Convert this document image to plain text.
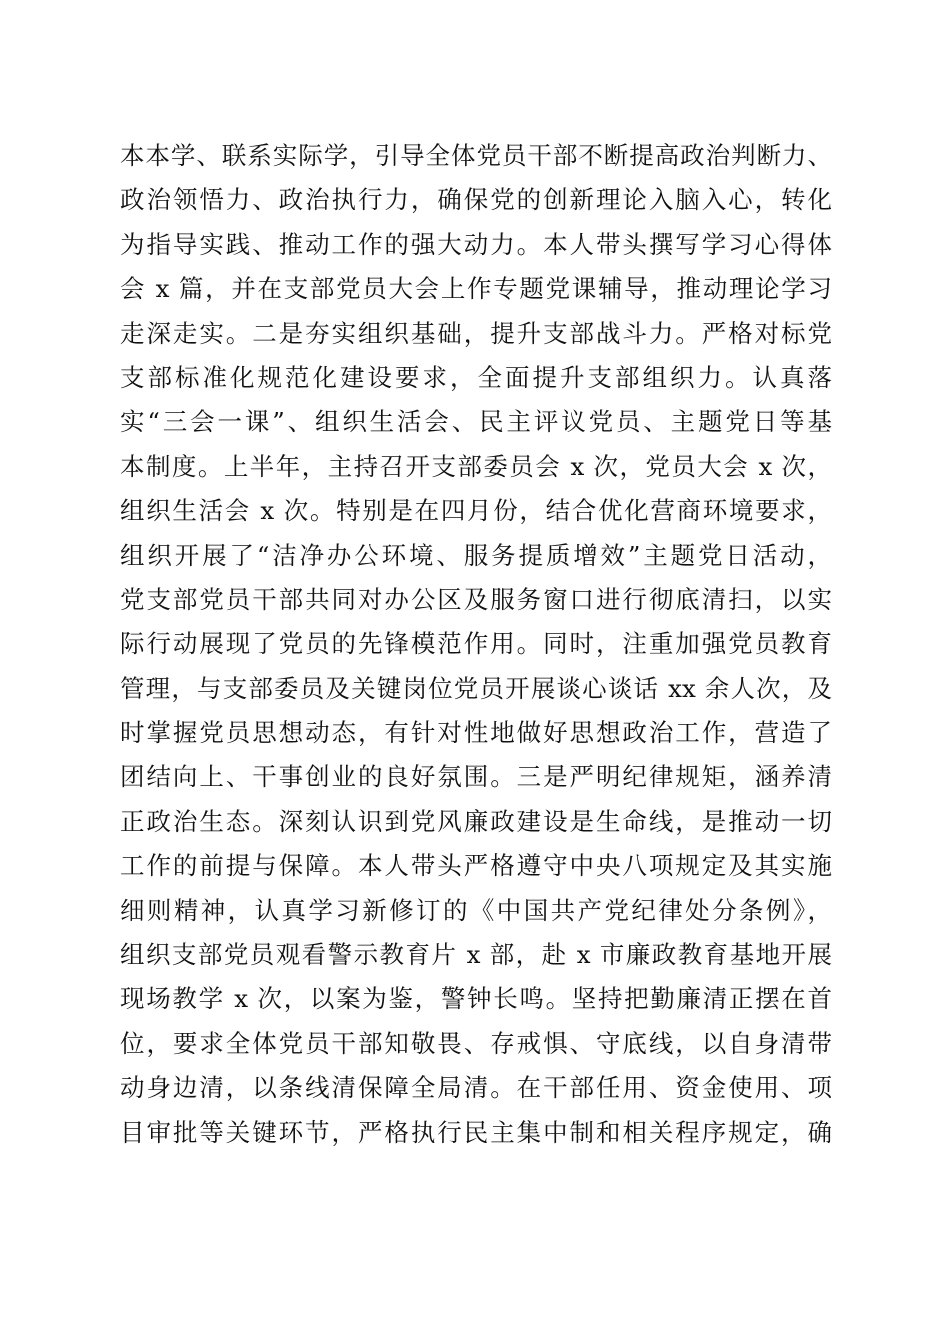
本本学、联系实际学，引导全体党员干部不断提高政治判断力、
政治领悟力、政治执行力，确保党的创新理论入脑入心，转化
为指导实践、推动工作的强大动力。本人带头撰写学习心得体
会 x 篇，并在支部党员大会上作专题党课辅导，推动理论学习
走深走实。二是夯实组织基础，提升支部战斗力。严格对标党
支部标准化规范化建设要求，全面提升支部组织力。认真落
实“三会一课”、组织生活会、民主评议党员、主题党日等基
本制度。上半年，主持召开支部委员会 x 次，党员大会 x 次，
组织生活会 x 次。特别是在四月份，结合优化营商环境要求，
组织开展了“洁净办公环境、服务提质增效”主题党日活动，
党支部党员干部共同对办公区及服务窗口进行彻底清扫，以实
际行动展现了党员的先锋模范作用。同时，注重加强党员教育
管理，与支部委员及关键岗位党员开展谈心谈话 xx 余人次，及
时掌握党员思想动态，有针对性地做好思想政治工作，营造了
团结向上、干事创业的良好氛围。三是严明纪律规矩，涵养清
正政治生态。深刻认识到党风廉政建设是生命线，是推动一切
工作的前提与保障。本人带头严格遵守中央八项规定及其实施
细则精神，认真学习新修订的《中国共产党纪律处分条例》，
组织支部党员观看警示教育片 x 部，赴 x 市廉政教育基地开展
现场教学 x 次，以案为鉴，警钟长鸣。坚持把勤廉清正摆在首
位，要求全体党员干部知敬畏、存戒惧、守底线，以自身清带
动身边清，以条线清保障全局清。在干部任用、资金使用、项
目审批等关键环节，严格执行民主集中制和相关程序规定，确
